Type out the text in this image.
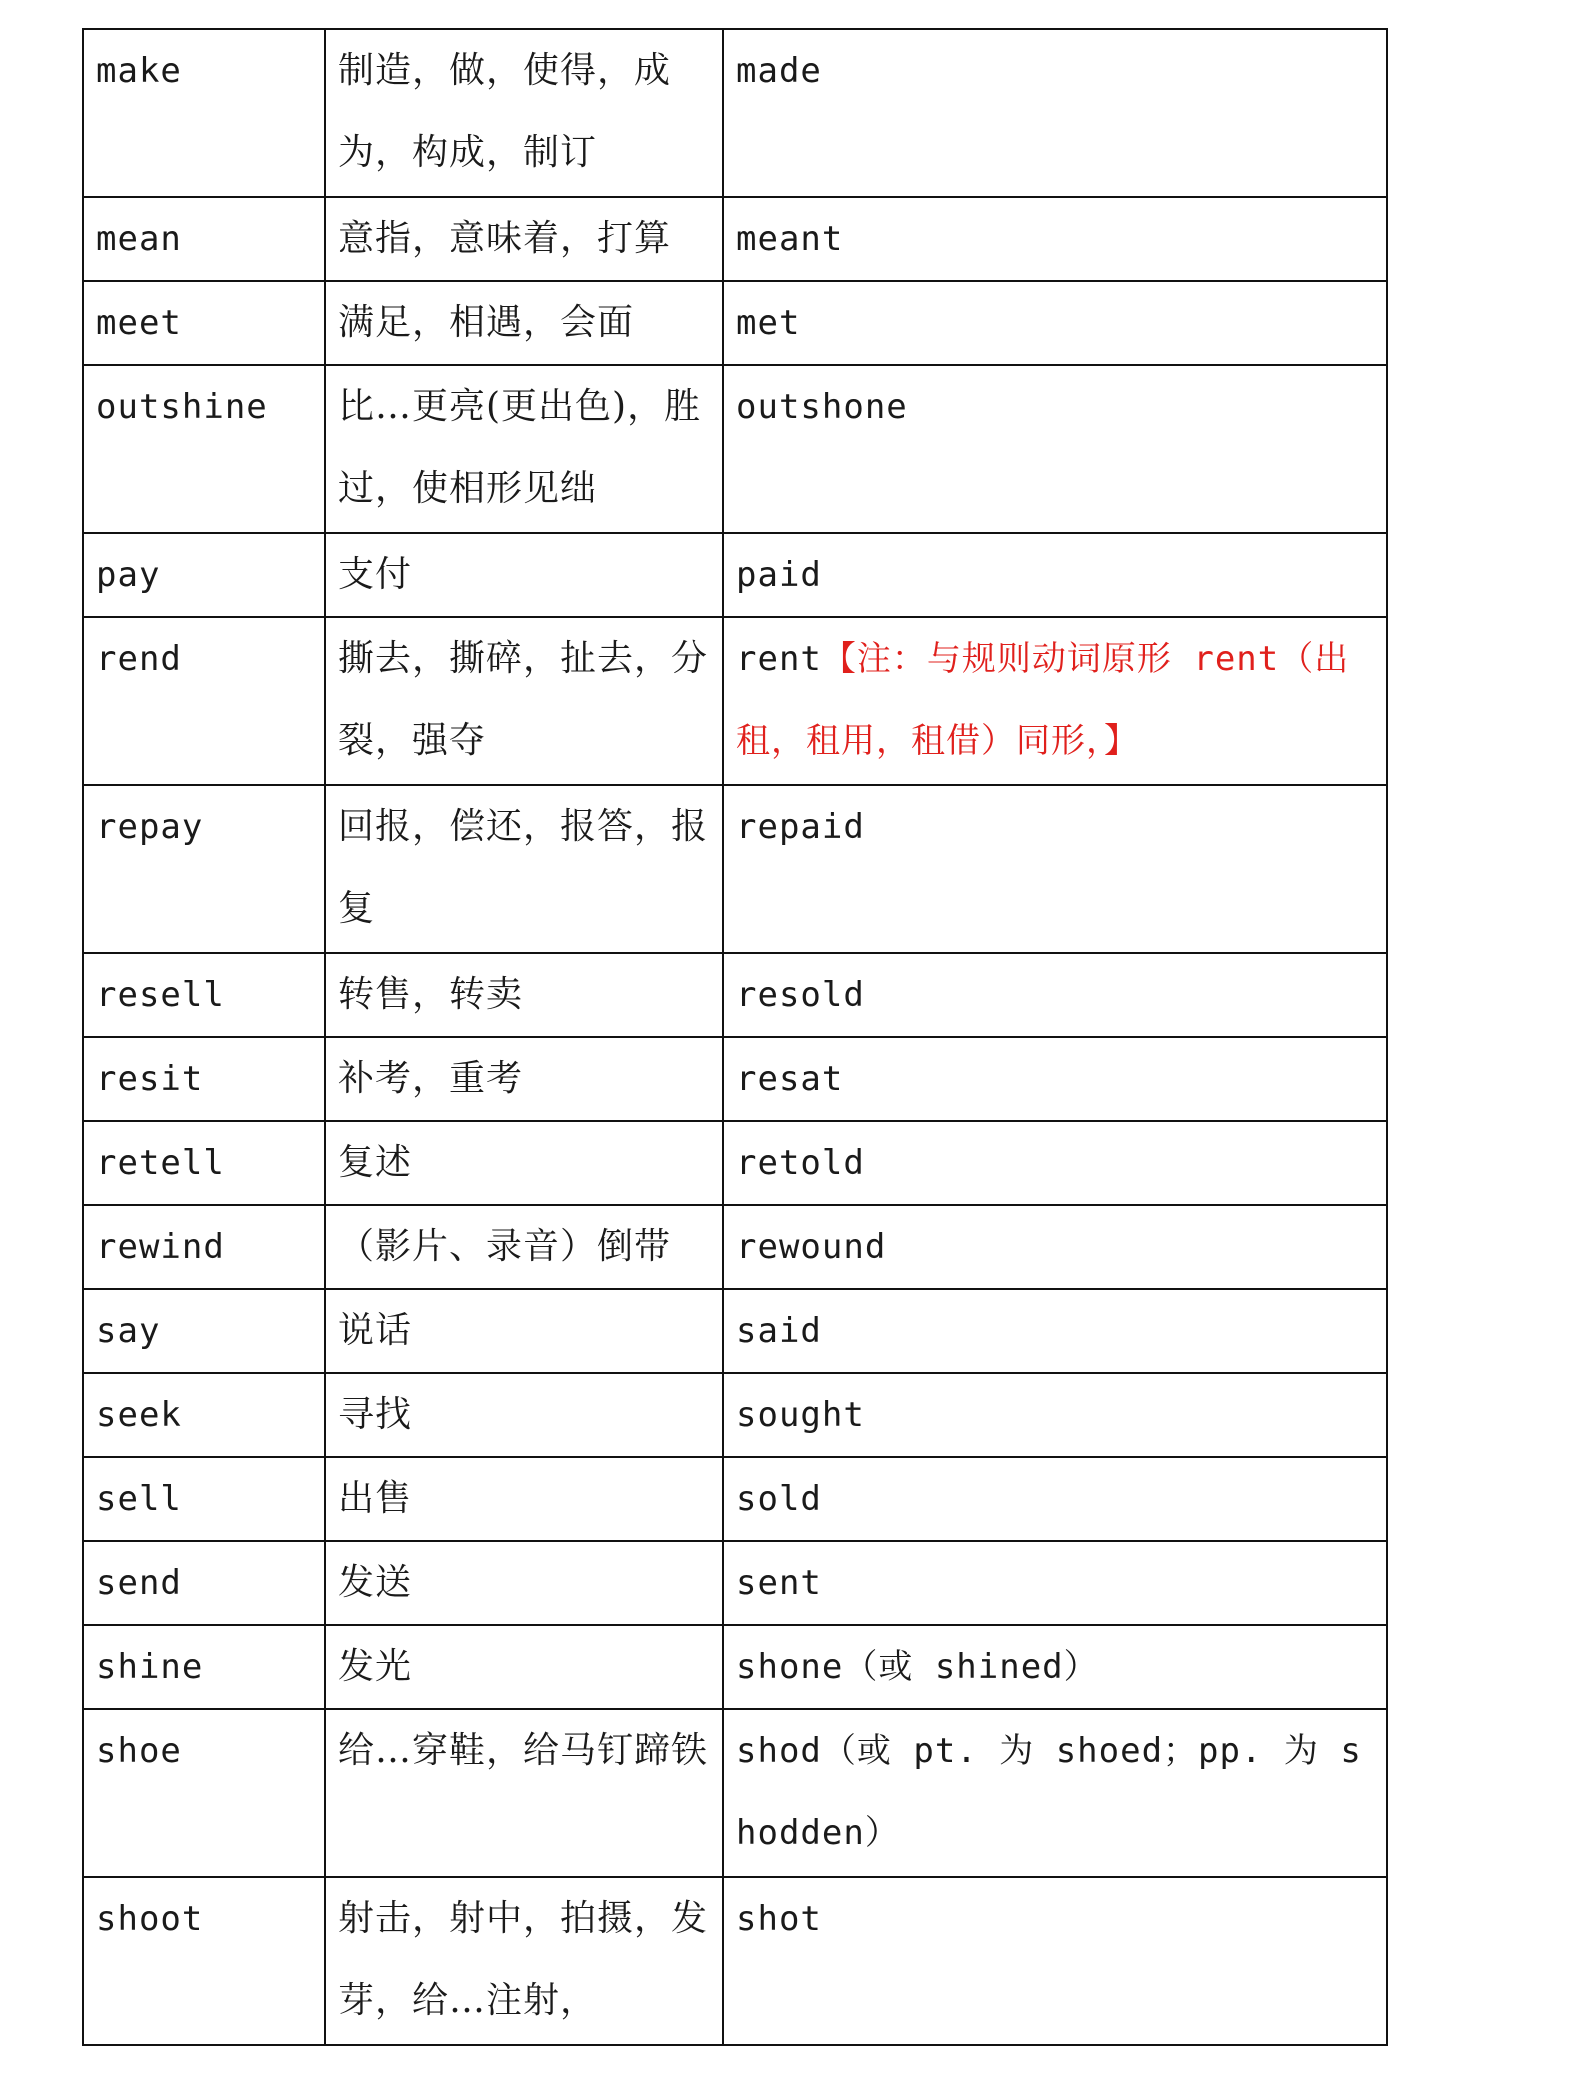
make	制造，做，使得，成为，构成，制订	made

mean	意指，意味着，打算	meant

meet	满足，相遇，会面	met

outshine	比…更亮(更出色)，胜过，使相形见绌	outshone

pay	支付	paid

rend	撕去，撕碎，扯去，分裂，强夺	rent【注：与规则动词原形 rent（出租，租用，租借）同形，】

repay	回报，偿还，报答，报复	repaid

resell	转售，转卖	resold

resit	补考，重考	resat

retell	复述	retold

rewind	（影片、录音）倒带	rewound

say	说话	said

seek	寻找	sought

sell	出售	sold

send	发送	sent

shine	发光	shone（或 shined）

shoe	给…穿鞋，给马钉蹄铁	shod（或 pt. 为 shoed；pp. 为 shodden）

shoot	射击，射中，拍摄，发芽，给…注射，	shot
